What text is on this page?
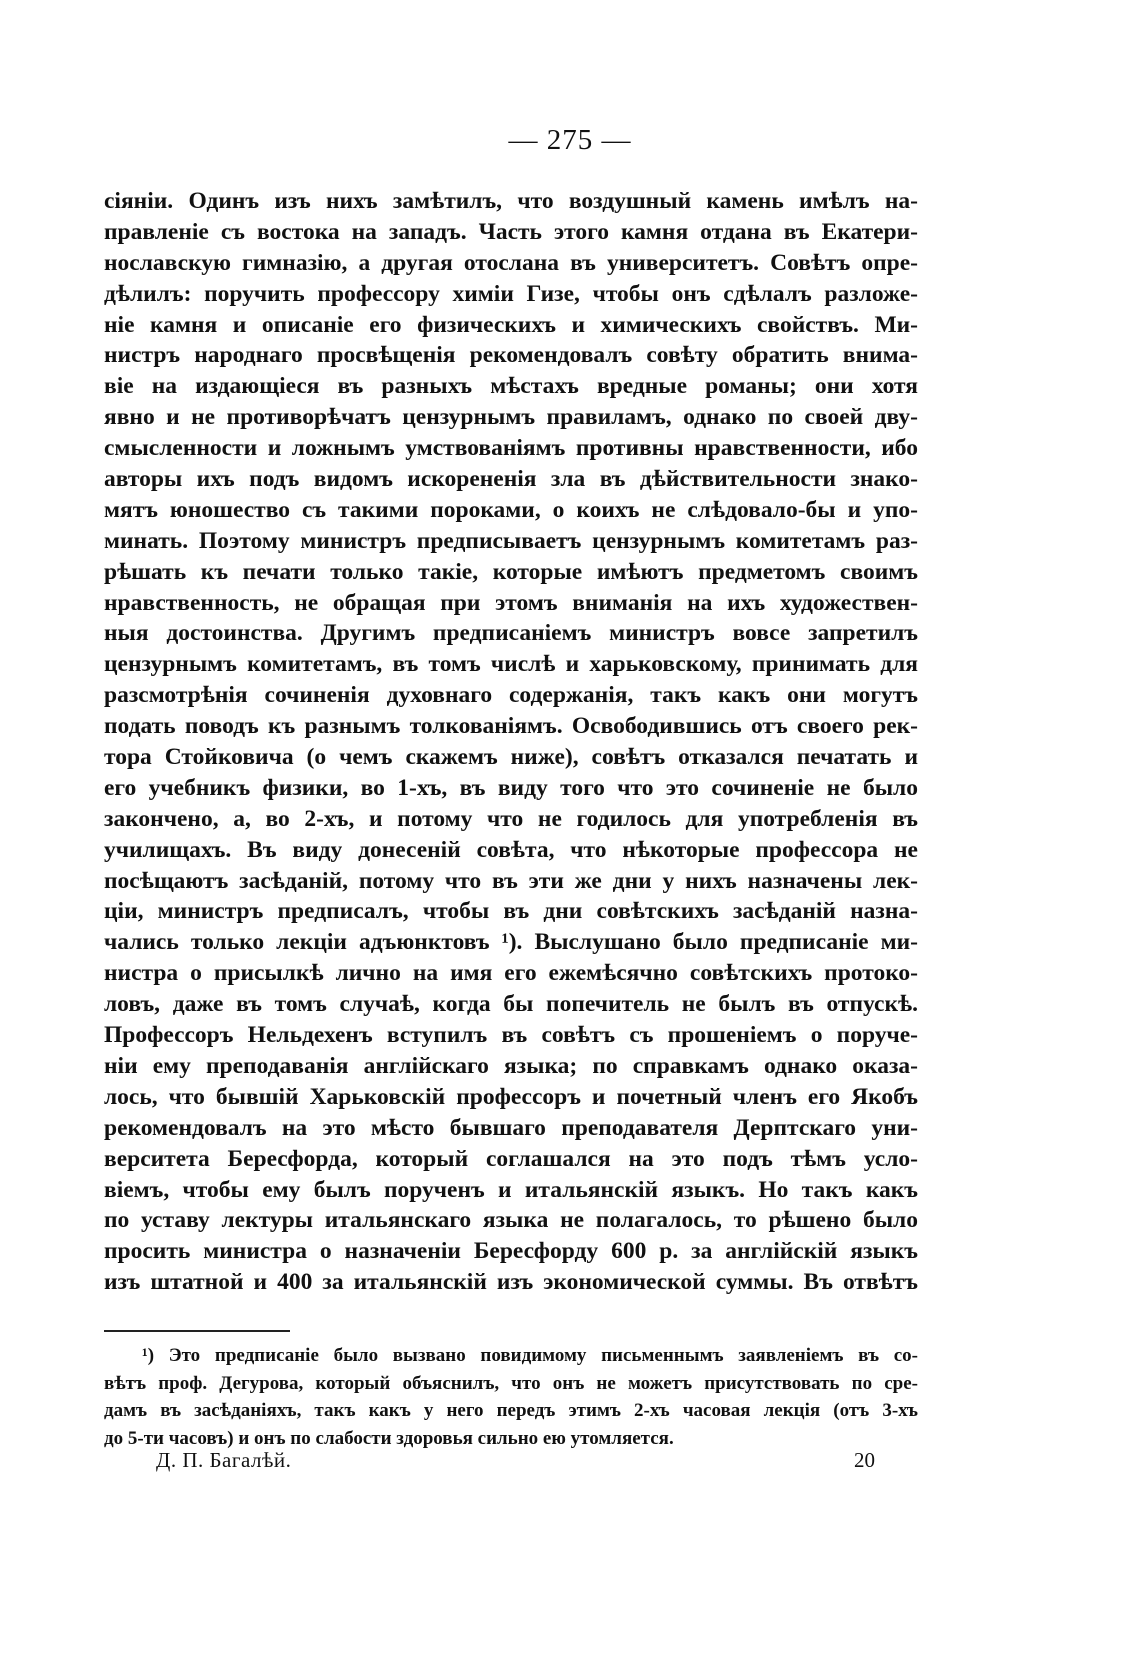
— 275 —
сіяніи. Одинъ изъ нихъ замѣтилъ, что воздушный камень имѣлъ на-
правленіе съ востока на западъ. Часть этого камня отдана въ Екатери-
нославскую гимназію, а другая отослана въ университетъ. Совѣтъ опре-
дѣлилъ: поручить профессору химіи Гизе, чтобы онъ сдѣлалъ разложе-
ніе камня и описаніе его физическихъ и химическихъ свойствъ. Ми-
нистръ народнаго просвѣщенія рекомендовалъ совѣту обратить внима-
віе на издающіеся въ разныхъ мѣстахъ вредные романы; они хотя
явно и не противорѣчатъ цензурнымъ правиламъ, однако по своей дву-
смысленности и ложнымъ умствованіямъ противны нравственности, ибо
авторы ихъ подъ видомъ искорененія зла въ дѣйствительности знако-
мятъ юношество съ такими пороками, о коихъ не слѣдовало-бы и упо-
минать. Поэтому министръ предписываетъ цензурнымъ комитетамъ раз-
рѣшать къ печати только такіе, которые имѣютъ предметомъ своимъ
нравственность, не обращая при этомъ вниманія на ихъ художествен-
ныя достоинства. Другимъ предписаніемъ министръ вовсе запретилъ
цензурнымъ комитетамъ, въ томъ числѣ и харьковскому, принимать для
разсмотрѣнія сочиненія духовнаго содержанія, такъ какъ они могутъ
подать поводъ къ разнымъ толкованіямъ. Освободившись отъ своего рек-
тора Стойковича (о чемъ скажемъ ниже), совѣтъ отказался печатать и
его учебникъ физики, во 1-хъ, въ виду того что это сочиненіе не было
закончено, а, во 2-хъ, и потому что не годилось для употребленія въ
училищахъ. Въ виду донесеній совѣта, что нѣкоторые профессора не
посѣщаютъ засѣданій, потому что въ эти же дни у нихъ назначены лек-
ціи, министръ предписалъ, чтобы въ дни совѣтскихъ засѣданій назна-
чались только лекціи адъюнктовъ ¹). Выслушано было предписаніе ми-
нистра о присылкѣ лично на имя его ежемѣсячно совѣтскихъ протоко-
ловъ, даже въ томъ случаѣ, когда бы попечитель не былъ въ отпускѣ.
Профессоръ Нельдехенъ вступилъ въ совѣтъ съ прошеніемъ о поруче-
ніи ему преподаванія англійскаго языка; по справкамъ однако оказа-
лось, что бывшій Харьковскій профессоръ и почетный членъ его Якобъ
рекомендовалъ на это мѣсто бывшаго преподавателя Дерптскаго уни-
верситета Бересфорда, который соглашался на это подъ тѣмъ усло-
віемъ, чтобы ему былъ порученъ и итальянскій языкъ. Но такъ какъ
по уставу лектуры итальянскаго языка не полагалось, то рѣшено было
просить министра о назначеніи Бересфорду 600 р. за англійскій языкъ
изъ штатной и 400 за итальянскій изъ экономической суммы. Въ отвѣтъ
¹) Это предписаніе было вызвано повидимому письменнымъ заявленіемъ въ со-
вѣтъ проф. Дегурова, который объяснилъ, что онъ не можетъ присутствовать по сре-
дамъ въ засѣданіяхъ, такъ какъ у него передъ этимъ 2-хъ часовая лекція (отъ 3-хъ
до 5-ти часовъ) и онъ по слабости здоровья сильно ею утомляется.
Д. П. Багалѣй.	20
